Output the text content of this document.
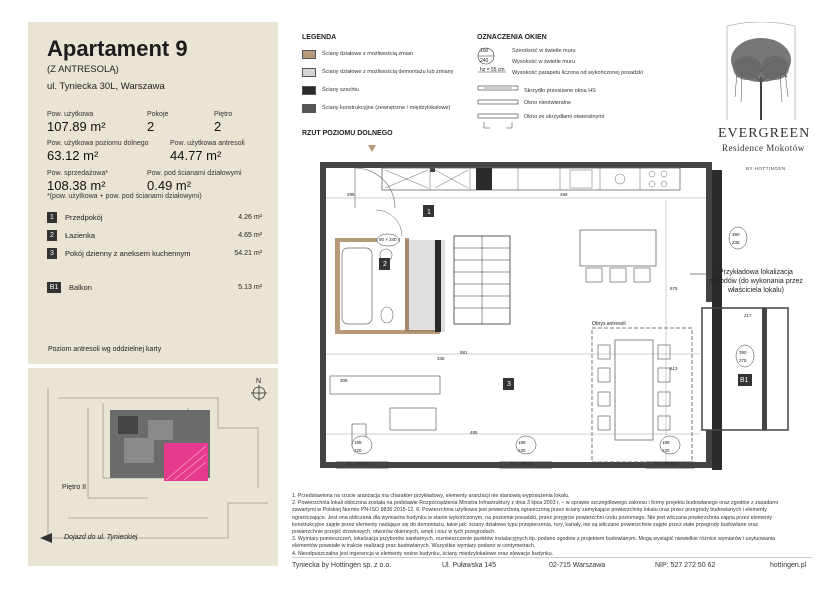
Apartament 9
(Z ANTRESOLĄ)
ul. Tyniecka 30L, Warszawa
Pow. użytkowa
107.89 m²
Pokoje
2
Piętro
2
Pow. użytkowa poziomu dolnego
63.12 m²
Pow. użytkowa antresoli
44.77 m²
Pow. sprzedażowa*
108.38 m²
Pow. pod ścianami działowymi
0.49 m²
*(pow. użytkowa + pow. pod ścianami działowymi)
1	Przedpokój	4.26 m²
2	Łazienka	4.65 m²
3	Pokój dzienny z aneksem kuchennym	54.21 m²
B1	Balkon	5.13 m²
Poziom antresoli wg oddzielnej karty
N
Piętro II
Dojazd do ul. Tynieckiej
LEGENDA
Ściany działowe z możliwością zmian
Ściany działowe z możliwością demontażu lub zmiany
Ściany szachtu
Ściany konstrukcyjne (zewnętrzne / międzylokalowe)
OZNACZENIA OKIEN
100
240
hz = 55 cm
Szerokość w świetle muru
Wysokość w świetle muru
Wysokość parapetu liczona od wykończonej posadzki
Skrzydło przesuwne okna HS
Okno nieotwieralne
Okno ze skrzydłami otwieralnymi
EVERGREEN
Residence Mokotów
BY HOTTINGEN
RZUT POZIOMU DOLNEGO
1
2
3
B1
90 × 240
Obrys antresoli
Przykładowa lokalizacja schodów (do wykonania przez właściciela lokalu)
188
220
hz = 59 cm
188
220
hz = 59 cm
188
220
hz = 59 cm
390
235
390
275
295	488
581
217
336
675
485
613
308
1. Przedstawiona na rzucie aranżacja ma charakter przykładowy, elementy aranżacji nie stanowią wyposażenia lokalu.
2. Powierzchnia lokali obliczona została na podstawie Rozporządzenia Ministra Infrastruktury z dnia 3 lipca 2003 r. – w sprawie szczegółowego zakresu i formy projektu budowlanego oraz zgodnie z zasadami zawartymi w Polskiej Normie PN-ISO 9836:2015-12. 6. Powierzchnia użytkowa jest powierzchnią ograniczoną przez ściany zamykające powierzchnię lokalu oraz przez przegrody budowlanych i elementy ograniczające. Jest ona obliczana dla wymiarów budynku w stanie wykończonym, na poziomie posadzki, przez przyjęcie powierzchni rzutu poziomego. Nie jest wliczana powierzchnia zajęta przez elementy konstrukcyjne zajęte przez elementy nadające się do demontażu, takie jak: ściany działowe typu przepierzenia, rury, kanały, nie są wliczane powierzchnie zajęte przez stałe przegrody budowlane oraz powierzchnie przejść drzwiowych, otworów okiennych, wnęk i nisz w tych przegrodach.
3. Wymiary pomieszczeń, lokalizacja przyborów sanitarnych, rozmieszczenie punktów instalacyjnych itp. podano zgodnie z projektem budowlanym. Mogą wystąpić niewielkie różnice wymiarów i usytuowania elementów powstałe w trakcie realizacji prac budowlanych. Wszystkie wymiary podano w centymetrach.
4. Nieodpuszczalna jest ingerencja w elementy nośne budynku, ściany międzylokalowe oraz elewacje budynku.
Tyniecka by Hottingen sp. z o.o.	Ul. Puławska 145	02-715 Warszawa	NIP: 527 272 50 62	hottingen.pl
